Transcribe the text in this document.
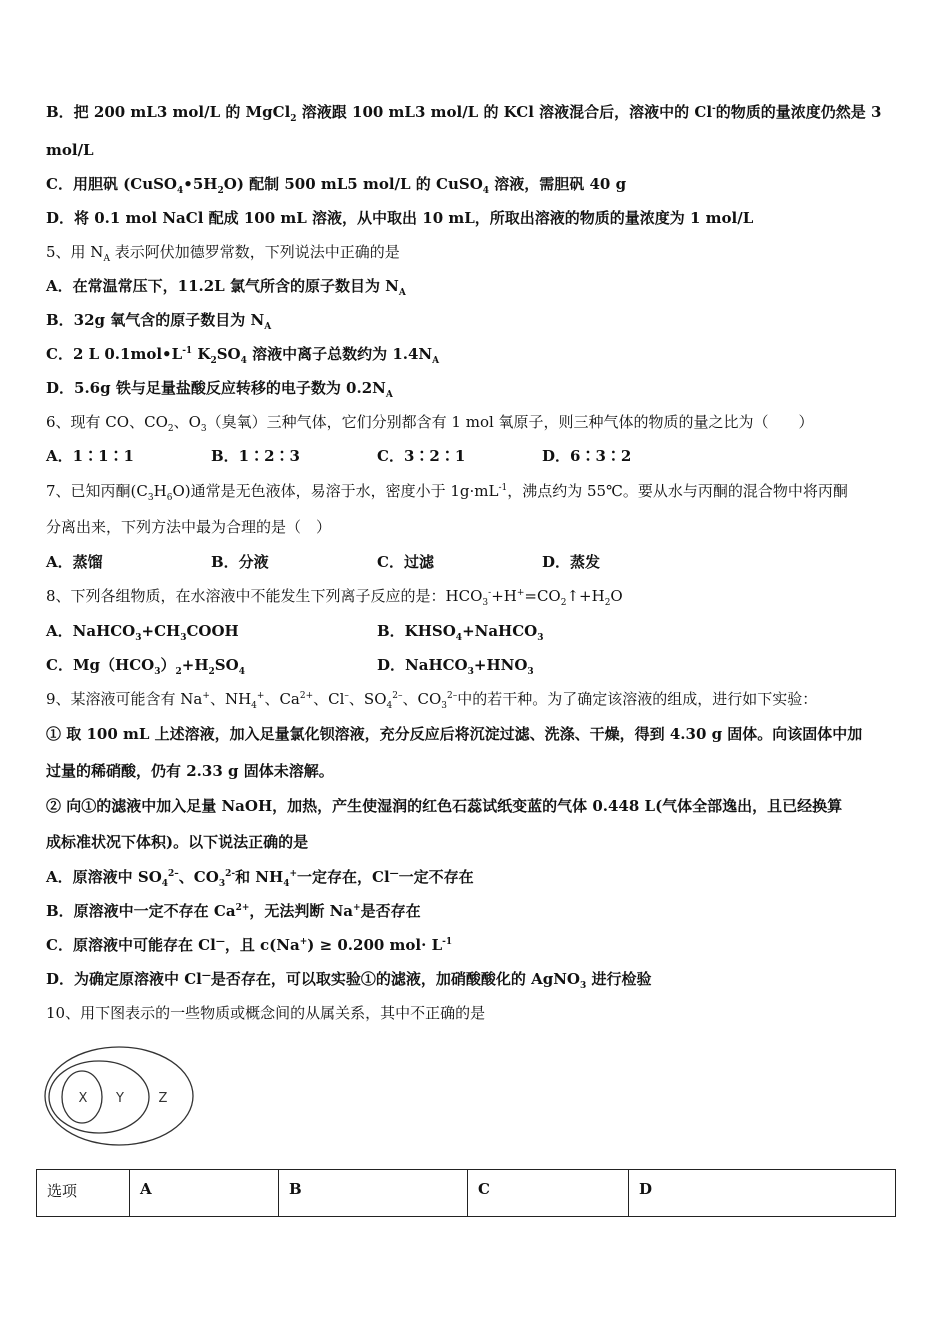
B．把 200 mL3 mol/L 的 MgCl$_2$ 溶液跟 100 mL3 mol/L 的 KCl 溶液混合后，溶液中的 Cl-的物质的量浓度仍然是 3
mol/L
C．用胆矾 $(CuSO_4•5H_2O)$ 配制 500 mL5 mol/L 的 CuSO$_4$ 溶液，需胆矾 40 g
D．将 0.1 mol NaCl 配成 100 mL 溶液，从中取出 10 mL，所取出溶液的物质的量浓度为 1 mol/L
5、用 $N_A$ 表示阿伏加德罗常数，下列说法中正确的是
A．在常温常压下，11.2L 氯气所含的原子数目为 $N_A$
B．32g 氧气含的原子数目为 $N_A$
C．2 L $0.1mol•L^{-1}$ $K_2SO_4$ 溶液中离子总数约为 $1.4N_A$
D．5.6g 铁与足量盐酸反应转移的电子数为 $0.2N_A$
6、现有 CO、$CO_2$、$O_3$（臭氧）三种气体，它们分别都含有 1 mol 氧原子，则三种气体的物质的量之比为（　　）
A．1∶1∶1	B．1∶2∶3	C．3∶2∶1	D．6∶3∶2
7、已知丙酮$(C_3H_6O)$通常是无色液体，易溶于水，密度小于 $1g\cdot mL^{-1}$，沸点约为 55℃。要从水与丙酮的混合物中将丙酮
分离出来，下列方法中最为合理的是（　）
A．蒸馏	B．分液	C．过滤	D．蒸发
8、下列各组物质，在水溶液中不能发生下列离子反应的是：$HCO_3^-+H^+=CO_2↑+H_2O$
A．$NaHCO_3+CH_3COOH$	B．$KHSO_4+NaHCO_3$
C．$Mg(HCO_3)_2+H_2SO_4$	D．$NaHCO_3+HNO_3$
9、某溶液可能含有 Na+、$NH_4^+$、$Ca^{2+}$、Cl–、$SO_4^{2-}$、$CO_3^{2-}$中的若干种。为了确定该溶液的组成，进行如下实验：
① 取 100 mL 上述溶液，加入足量氯化钡溶液，充分反应后将沉淀过滤、洗涤、干燥，得到 4.30 g 固体。向该固体中加
过量的稀硝酸，仍有 2.33 g 固体未溶解。
② 向①的滤液中加入足量 NaOH，加热，产生使湿润的红色石蕊试纸变蓝的气体 0.448 L(气体全部逸出，且已经换算
成标准状况下体积)。以下说法正确的是
A．原溶液中 $SO_4^{2-}$、$CO_3^{2-}$和 $NH_4^+$一定存在，Cl—一定不存在
B．原溶液中一定不存在 $Ca^{2+}$，无法判断 Na+是否存在
C．原溶液中可能存在 Cl—，且 c(Na+) ≥ 0.200 $mol\cdot L^{-1}$
D．为确定原溶液中 Cl—是否存在，可以取实验①的滤液，加硝酸酸化的 AgNO$_3$ 进行检验
10、用下图表示的一些物质或概念间的从属关系，其中不正确的是
X Y	Z
选项	A	B	C	D
